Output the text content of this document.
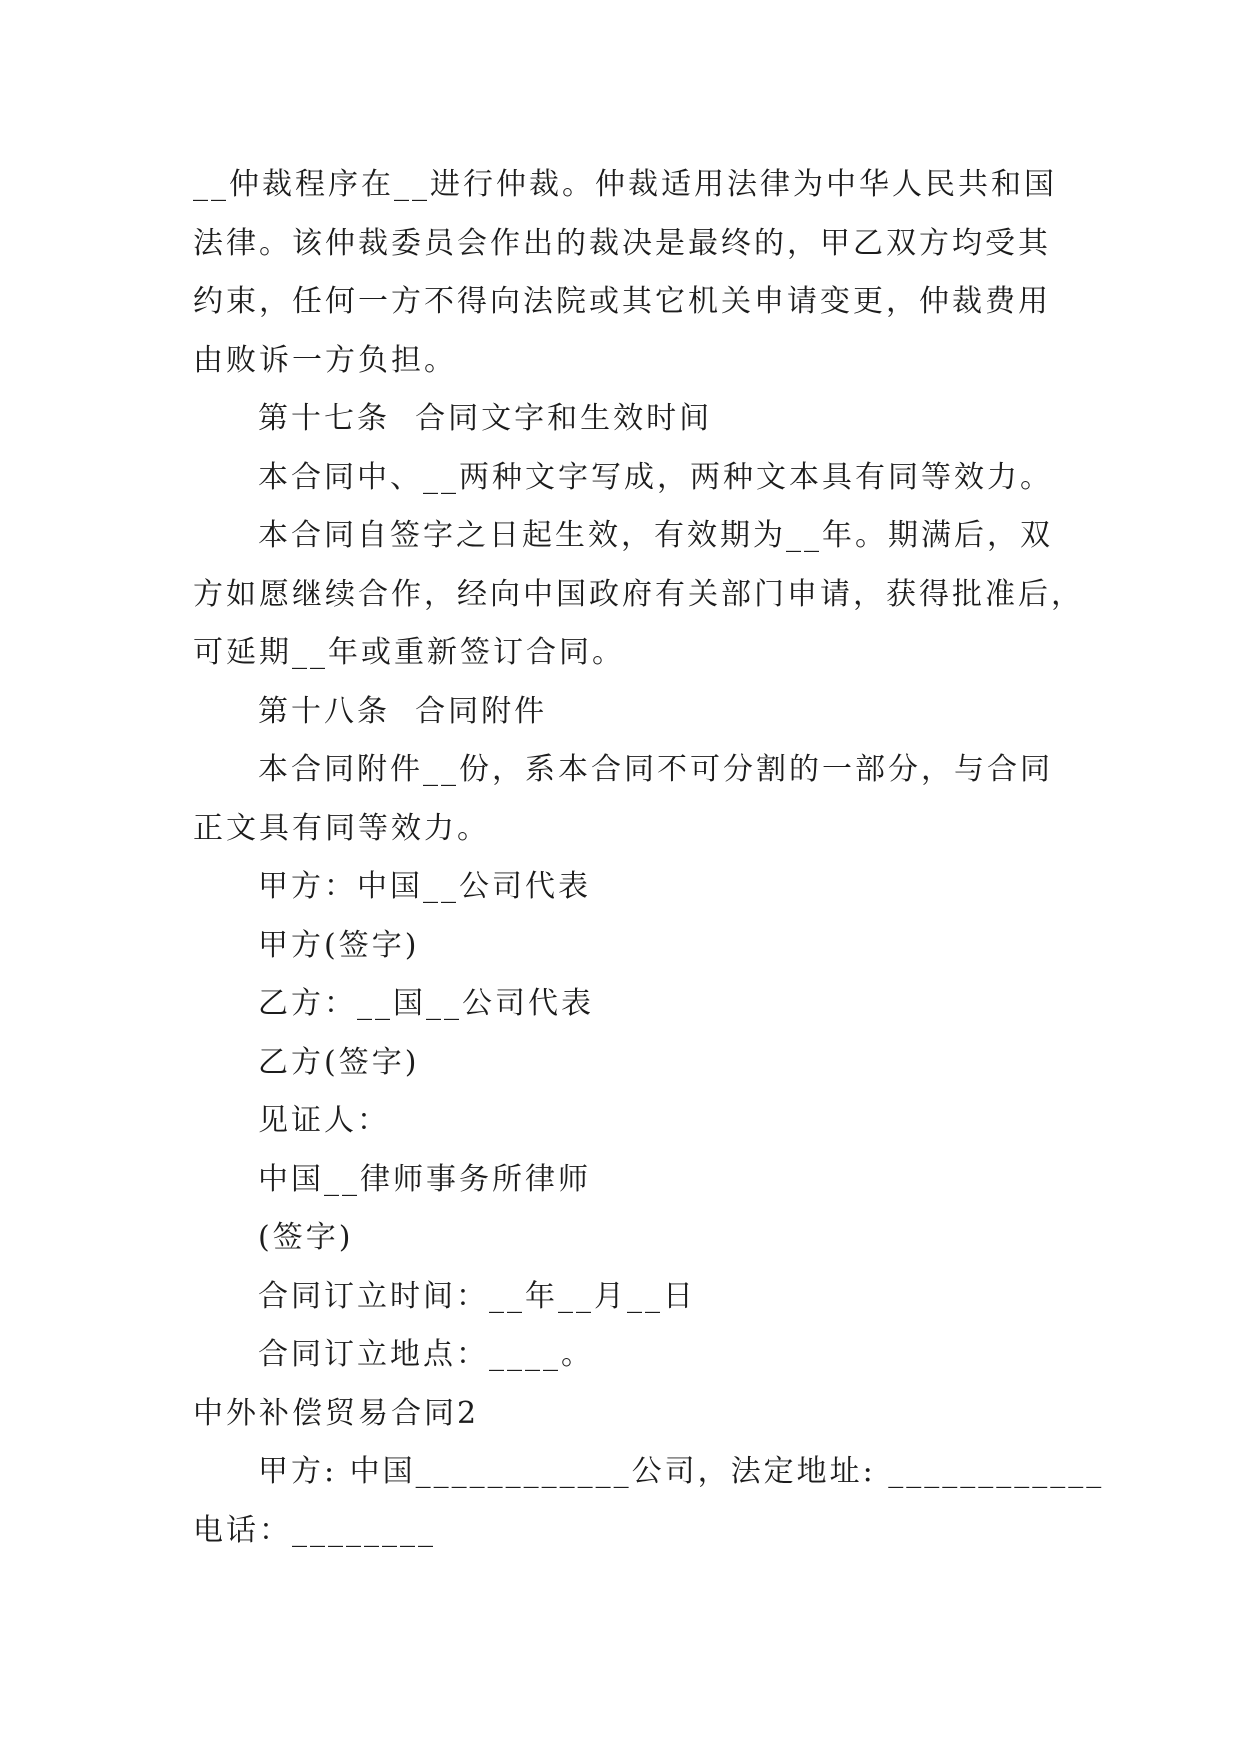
__仲裁程序在__进行仲裁。仲裁适用法律为中华人民共和国
法律。该仲裁委员会作出的裁决是最终的，甲乙双方均受其
约束，任何一方不得向法院或其它机关申请变更，仲裁费用
由败诉一方负担。
第十七条  合同文字和生效时间
本合同中、__两种文字写成，两种文本具有同等效力。
本合同自签字之日起生效，有效期为__年。期满后，双
方如愿继续合作，经向中国政府有关部门申请，获得批准后，
可延期__年或重新签订合同。
第十八条  合同附件
本合同附件__份，系本合同不可分割的一部分，与合同
正文具有同等效力。
甲方：中国__公司代表
甲方(签字)
乙方：__国__公司代表
乙方(签字)
见证人：
中国__律师事务所律师
(签字)
合同订立时间：__年__月__日
合同订立地点：____。
中外补偿贸易合同2
甲方: 中国____________公司，法定地址: ____________
电话：________
